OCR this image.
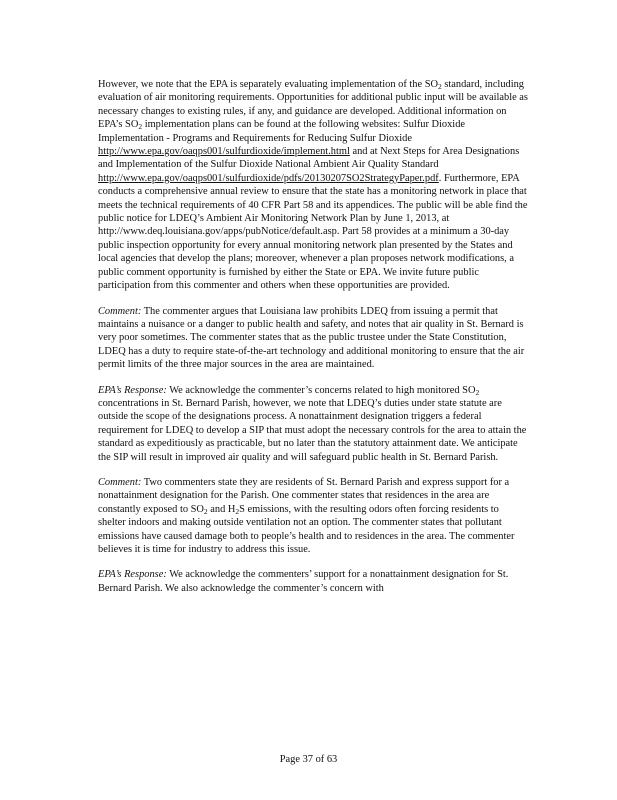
However, we note that the EPA is separately evaluating implementation of the $SO_2$ standard, including evaluation of air monitoring requirements. Opportunities for additional public input will be available as necessary changes to existing rules, if any, and guidance are developed. Additional information on EPA’s $SO_2$ implementation plans can be found at the following websites: Sulfur Dioxide Implementation - Programs and Requirements for Reducing Sulfur Dioxide http://www.epa.gov/oaqps001/sulfurdioxide/implement.html and at Next Steps for Area Designations and Implementation of the Sulfur Dioxide National Ambient Air Quality Standard http://www.epa.gov/oaqps001/sulfurdioxide/pdfs/20130207SO2StrategyPaper.pdf. Furthermore, EPA conducts a comprehensive annual review to ensure that the state has a monitoring network in place that meets the technical requirements of 40 CFR Part 58 and its appendices. The public will be able find the public notice for LDEQ’s Ambient Air Monitoring Network Plan by June 1, 2013, at http://www.deq.louisiana.gov/apps/pubNotice/default.asp. Part 58 provides at a minimum a 30-day public inspection opportunity for every annual monitoring network plan presented by the States and local agencies that develop the plans; moreover, whenever a plan proposes network modifications, a public comment opportunity is furnished by either the State or EPA. We invite future public participation from this commenter and others when these opportunities are provided.

Comment: The commenter argues that Louisiana law prohibits LDEQ from issuing a permit that maintains a nuisance or a danger to public health and safety, and notes that air quality in St. Bernard is very poor sometimes. The commenter states that as the public trustee under the State Constitution, LDEQ has a duty to require state-of-the-art technology and additional monitoring to ensure that the air permit limits of the three major sources in the area are maintained.

EPA’s Response: We acknowledge the commenter’s concerns related to high monitored $SO_2$ concentrations in St. Bernard Parish, however, we note that LDEQ’s duties under state statute are outside the scope of the designations process. A nonattainment designation triggers a federal requirement for LDEQ to develop a SIP that must adopt the necessary controls for the area to attain the standard as expeditiously as practicable, but no later than the statutory attainment date. We anticipate the SIP will result in improved air quality and will safeguard public health in St. Bernard Parish.

Comment: Two commenters state they are residents of St. Bernard Parish and express support for a nonattainment designation for the Parish. One commenter states that residences in the area are constantly exposed to $SO_2$ and $H_2S$ emissions, with the resulting odors often forcing residents to shelter indoors and making outside ventilation not an option. The commenter states that pollutant emissions have caused damage both to people’s health and to residences in the area. The commenter believes it is time for industry to address this issue.

EPA’s Response: We acknowledge the commenters’ support for a nonattainment designation for St. Bernard Parish. We also acknowledge the commenter’s concern with

Page 37 of 63
